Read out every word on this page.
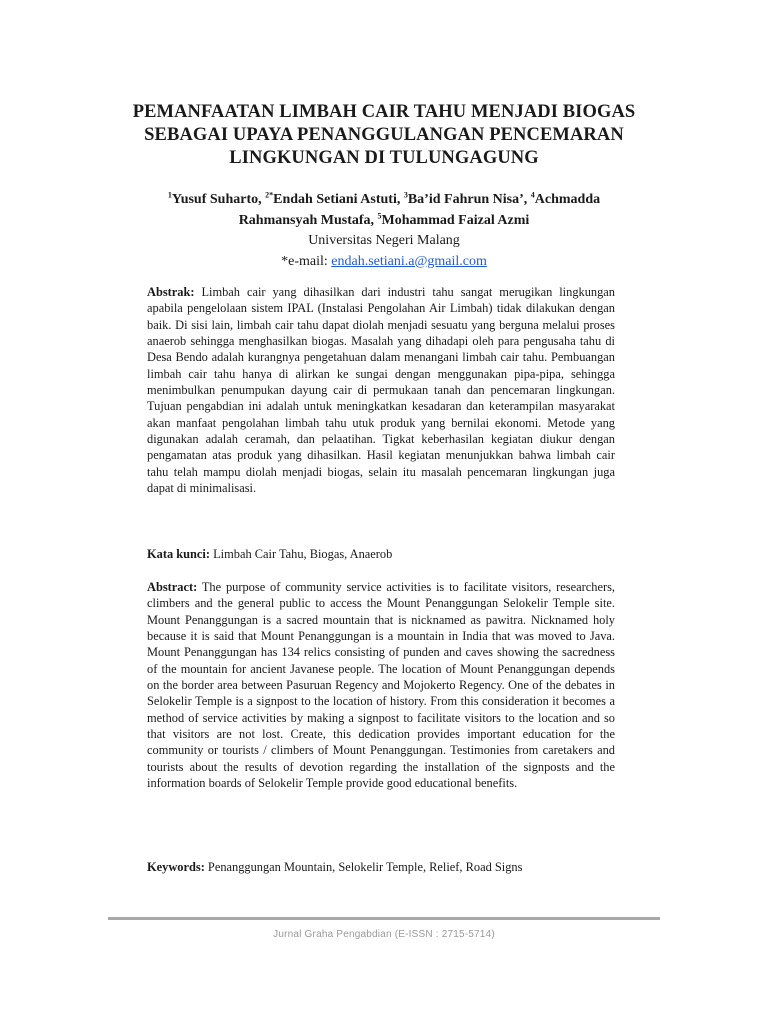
PEMANFAATAN LIMBAH CAIR TAHU MENJADI BIOGAS
SEBAGAI UPAYA PENANGGULANGAN PENCEMARAN
LINGKUNGAN DI TULUNGAGUNG
$^1$Yusuf Suharto, $^{2*}$Endah Setiani Astuti, $^3$Ba’id Fahrun Nisa’, $^4$Achmadda
Rahmansyah Mustafa, $^5$Mohammad Faizal Azmi
Universitas Negeri Malang
*e-mail: endah.setiani.a@gmail.com
Abstrak: Limbah cair yang dihasilkan dari industri tahu sangat merugikan lingkungan apabila pengelolaan sistem IPAL (Instalasi Pengolahan Air Limbah) tidak dilakukan dengan baik. Di sisi lain, limbah cair tahu dapat diolah menjadi sesuatu yang berguna melalui proses anaerob sehingga menghasilkan biogas. Masalah yang dihadapi oleh para pengusaha tahu di Desa Bendo adalah kurangnya pengetahuan dalam menangani limbah cair tahu. Pembuangan limbah cair tahu hanya di alirkan ke sungai dengan menggunakan pipa-pipa, sehingga menimbulkan penumpukan dayung cair di permukaan tanah dan pencemaran lingkungan. Tujuan pengabdian ini adalah untuk meningkatkan kesadaran dan keterampilan masyarakat akan manfaat pengolahan limbah tahu utuk produk yang bernilai ekonomi. Metode yang digunakan adalah ceramah, dan pelaatihan. Tigkat keberhasilan kegiatan diukur dengan pengamatan atas produk yang dihasilkan. Hasil kegiatan menunjukkan bahwa limbah cair tahu telah mampu diolah menjadi biogas, selain itu masalah pencemaran lingkungan juga dapat di minimalisasi.
Kata kunci: Limbah Cair Tahu, Biogas, Anaerob
Abstract: The purpose of community service activities is to facilitate visitors, researchers, climbers and the general public to access the Mount Penanggungan Selokelir Temple site. Mount Penanggungan is a sacred mountain that is nicknamed as pawitra. Nicknamed holy because it is said that Mount Penanggungan is a mountain in India that was moved to Java. Mount Penanggungan has 134 relics consisting of punden and caves showing the sacredness of the mountain for ancient Javanese people. The location of Mount Penanggungan depends on the border area between Pasuruan Regency and Mojokerto Regency. One of the debates in Selokelir Temple is a signpost to the location of history. From this consideration it becomes a method of service activities by making a signpost to facilitate visitors to the location and so that visitors are not lost. Create, this dedication provides important education for the community or tourists / climbers of Mount Penanggungan. Testimonies from caretakers and tourists about the results of devotion regarding the installation of the signposts and the information boards of Selokelir Temple provide good educational benefits.
Keywords: Penanggungan Mountain, Selokelir Temple, Relief, Road Signs
Jurnal Graha Pengabdian (E-ISSN : 2715-5714)
